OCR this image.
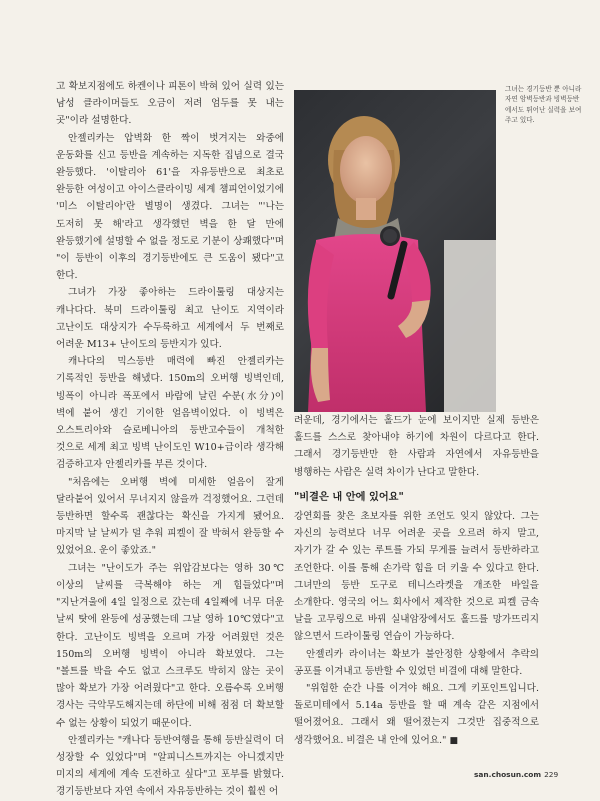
고 확보지점에도 하켄이나 피톤이 박혀 있어 실력 있는 남성 클라이머들도 오금이 저려 엄두를 못 내는 곳"이라 설명한다.

안젤리카는 압벽화 한 짝이 벗겨지는 와중에 운동화를 신고 등반을 계속하는 지독한 집념으로 결국 완등했다. '이탈리아 61'을 자유등반으로 최초로 완등한 여성이고 아이스클라이밍 세계 챔피언이었기에 '미스 이탈리아'란 별명이 생겼다. 그녀는 "'나는 도저히 못 해'라고 생각했던 벽을 한 달 만에 완등했기에 설명할 수 없을 정도로 기분이 상쾌했다"며 "이 등반이 이후의 경기등반에도 큰 도움이 됐다"고 한다.

그녀가 가장 좋아하는 드라이툴링 대상지는 캐나다다. 북미 드라이툴링 최고 난이도 지역이라 고난이도 대상지가 수두룩하고 세계에서 두 번째로 어려운 M13+ 난이도의 등반지가 있다.

캐나다의 믹스등반 매력에 빠진 안젤리카는 기록적인 등반을 해냈다. 150m의 오버행 빙벽인데, 빙폭이 아니라 폭포에서 바람에 날린 수분(水分)이 벽에 붙어 생긴 기이한 얼음벽이었다. 이 빙벽은 오스트리아와 슬로베니아의 등반고수들이 개척한 것으로 세계 최고 빙벽 난이도인 W10+급이라 생각해 검증하고자 안젤리카를 부른 것이다.

"처음에는 오버행 벽에 미세한 얼음이 잘게 달라붙어 있어서 무너지지 않을까 걱정했어요. 그런데 등반하면 할수록 괜찮다는 확신을 가지게 됐어요. 마지막 날 날씨가 덜 추워 피켈이 잘 박혀서 완등할 수 있었어요. 운이 좋았죠."

그녀는 "난이도가 주는 위압감보다는 영하 30℃ 이상의 날씨를 극복해야 하는 게 힘들었다"며 "지난겨울에 4일 일정으로 갔는데 4일째에 너무 더운 날씨 탓에 완등에 성공했는데 그날 영하 10℃였다"고 한다. 고난이도 빙벽을 오르며 가장 어려웠던 것은 150m의 오버행 빙벽이 아니라 확보였다. 그는 "볼트를 박을 수도 없고 스크루도 박히지 않는 곳이 많아 확보가 가장 어려웠다"고 한다. 오름수록 오버행 경사는 극악무도해지는데 하단에 비해 점점 더 확보할 수 없는 상황이 되었기 때문이다.

안젤리카는 "캐나다 등반여행을 통해 등반실력이 더 성장할 수 있었다"며 "알피니스트까지는 아니겠지만 미지의 세계에 계속 도전하고 싶다"고 포부를 밝혔다. 경기등반보다 자연 속에서 자유등반하는 것이 훨씬 어

그녀는 경기등반 뿐 아니라 자연 암벽등반과 빙벽등반에서도 뛰어난 실력을 보여주고 있다.

려운데, 경기에서는 홀드가 눈에 보이지만 실제 등반은 홀드를 스스로 찾아내야 하기에 차원이 다르다고 한다. 그래서 경기등반만 한 사람과 자연에서 자유등반을 병행하는 사람은 실력 차이가 난다고 말한다.

"비결은 내 안에 있어요"

강연회를 찾은 초보자를 위한 조언도 잊지 않았다. 그는 자신의 능력보다 너무 어려운 곳을 오르려 하지 말고, 자기가 갈 수 있는 루트를 가되 무게를 늘려서 등반하라고 조언한다. 이를 통해 손가락 힘을 더 키울 수 있다고 한다. 그녀만의 등반 도구로 테니스라켓을 개조한 바일을 소개한다. 영국의 어느 회사에서 제작한 것으로 피켈 금속 날을 고무링으로 바꿔 실내암장에서도 홀드를 망가뜨리지 않으면서 드라이툴링 연습이 가능하다.

안젤리카 라이너는 확보가 불안정한 상황에서 추락의 공포를 이겨내고 등반할 수 있었던 비결에 대해 말한다.

"위험한 순간 나를 이겨야 해요. 그게 키포인트입니다. 돌로미테에서 5.14a 등반을 할 때 계속 같은 지점에서 떨어졌어요. 그래서 왜 떨어졌는지 그것만 집중적으로 생각했어요. 비결은 내 안에 있어요." ■

san.chosun.com 229
